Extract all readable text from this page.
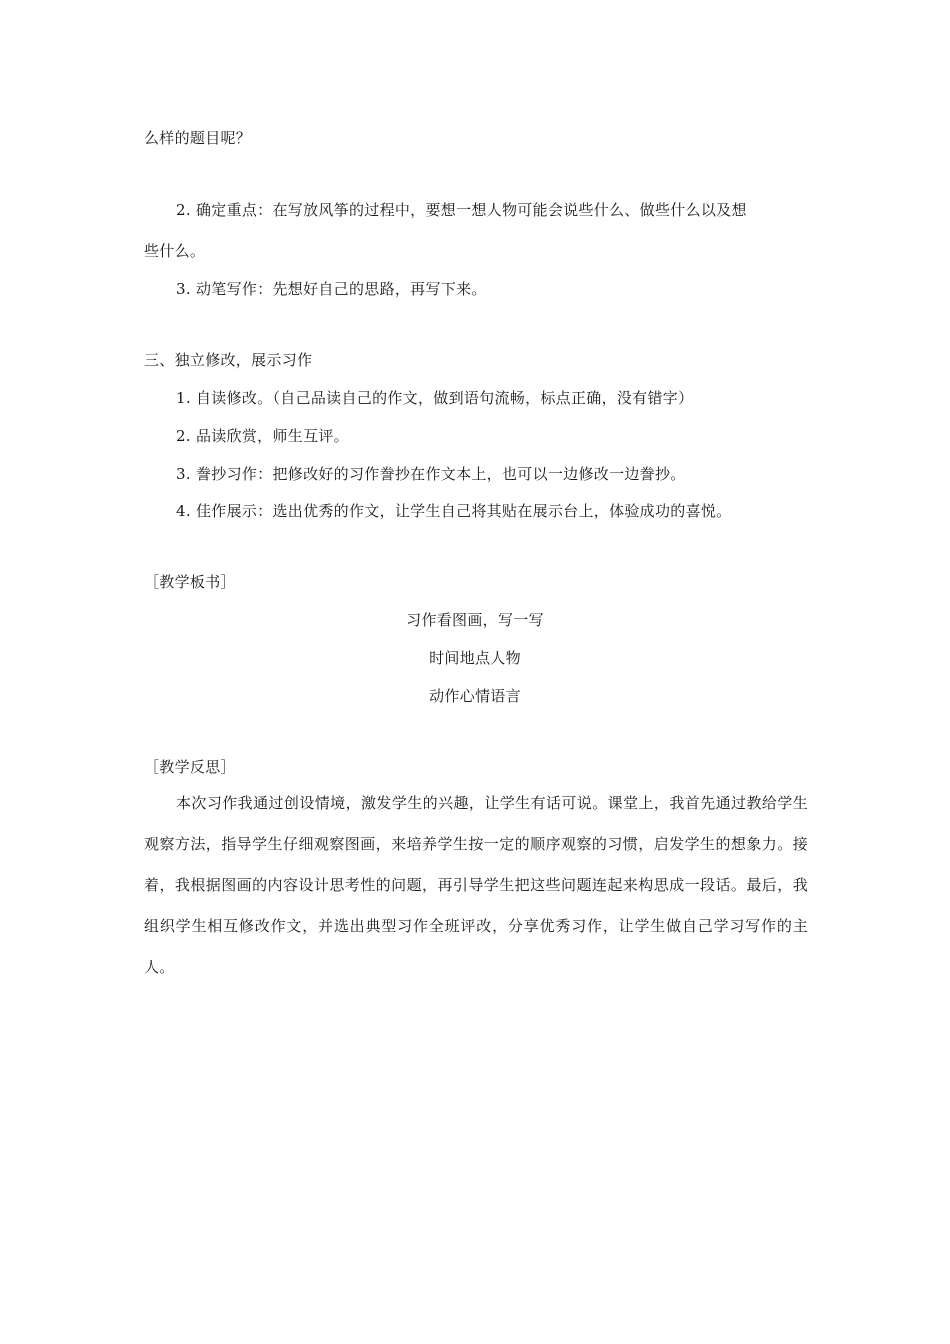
么样的题目呢？
2. 确定重点：在写放风筝的过程中，要想一想人物可能会说些什么、做些什么以及想
些什么。
3. 动笔写作：先想好自己的思路，再写下来。
三、独立修改，展示习作
1. 自读修改。（自己品读自己的作文，做到语句流畅，标点正确，没有错字）
2. 品读欣赏，师生互评。
3. 誊抄习作：把修改好的习作誊抄在作文本上，也可以一边修改一边誊抄。
4. 佳作展示：选出优秀的作文，让学生自己将其贴在展示台上，体验成功的喜悦。
［教学板书］
习作看图画，写一写
时间地点人物
动作心情语言
［教学反思］
本次习作我通过创设情境，激发学生的兴趣，让学生有话可说。课堂上，我首先通过教给学生观察方法，指导学生仔细观察图画，来培养学生按一定的顺序观察的习惯，启发学生的想象力。接着，我根据图画的内容设计思考性的问题，再引导学生把这些问题连起来构思成一段话。最后，我组织学生相互修改作文，并选出典型习作全班评改，分享优秀习作，让学生做自己学习写作的主人。
